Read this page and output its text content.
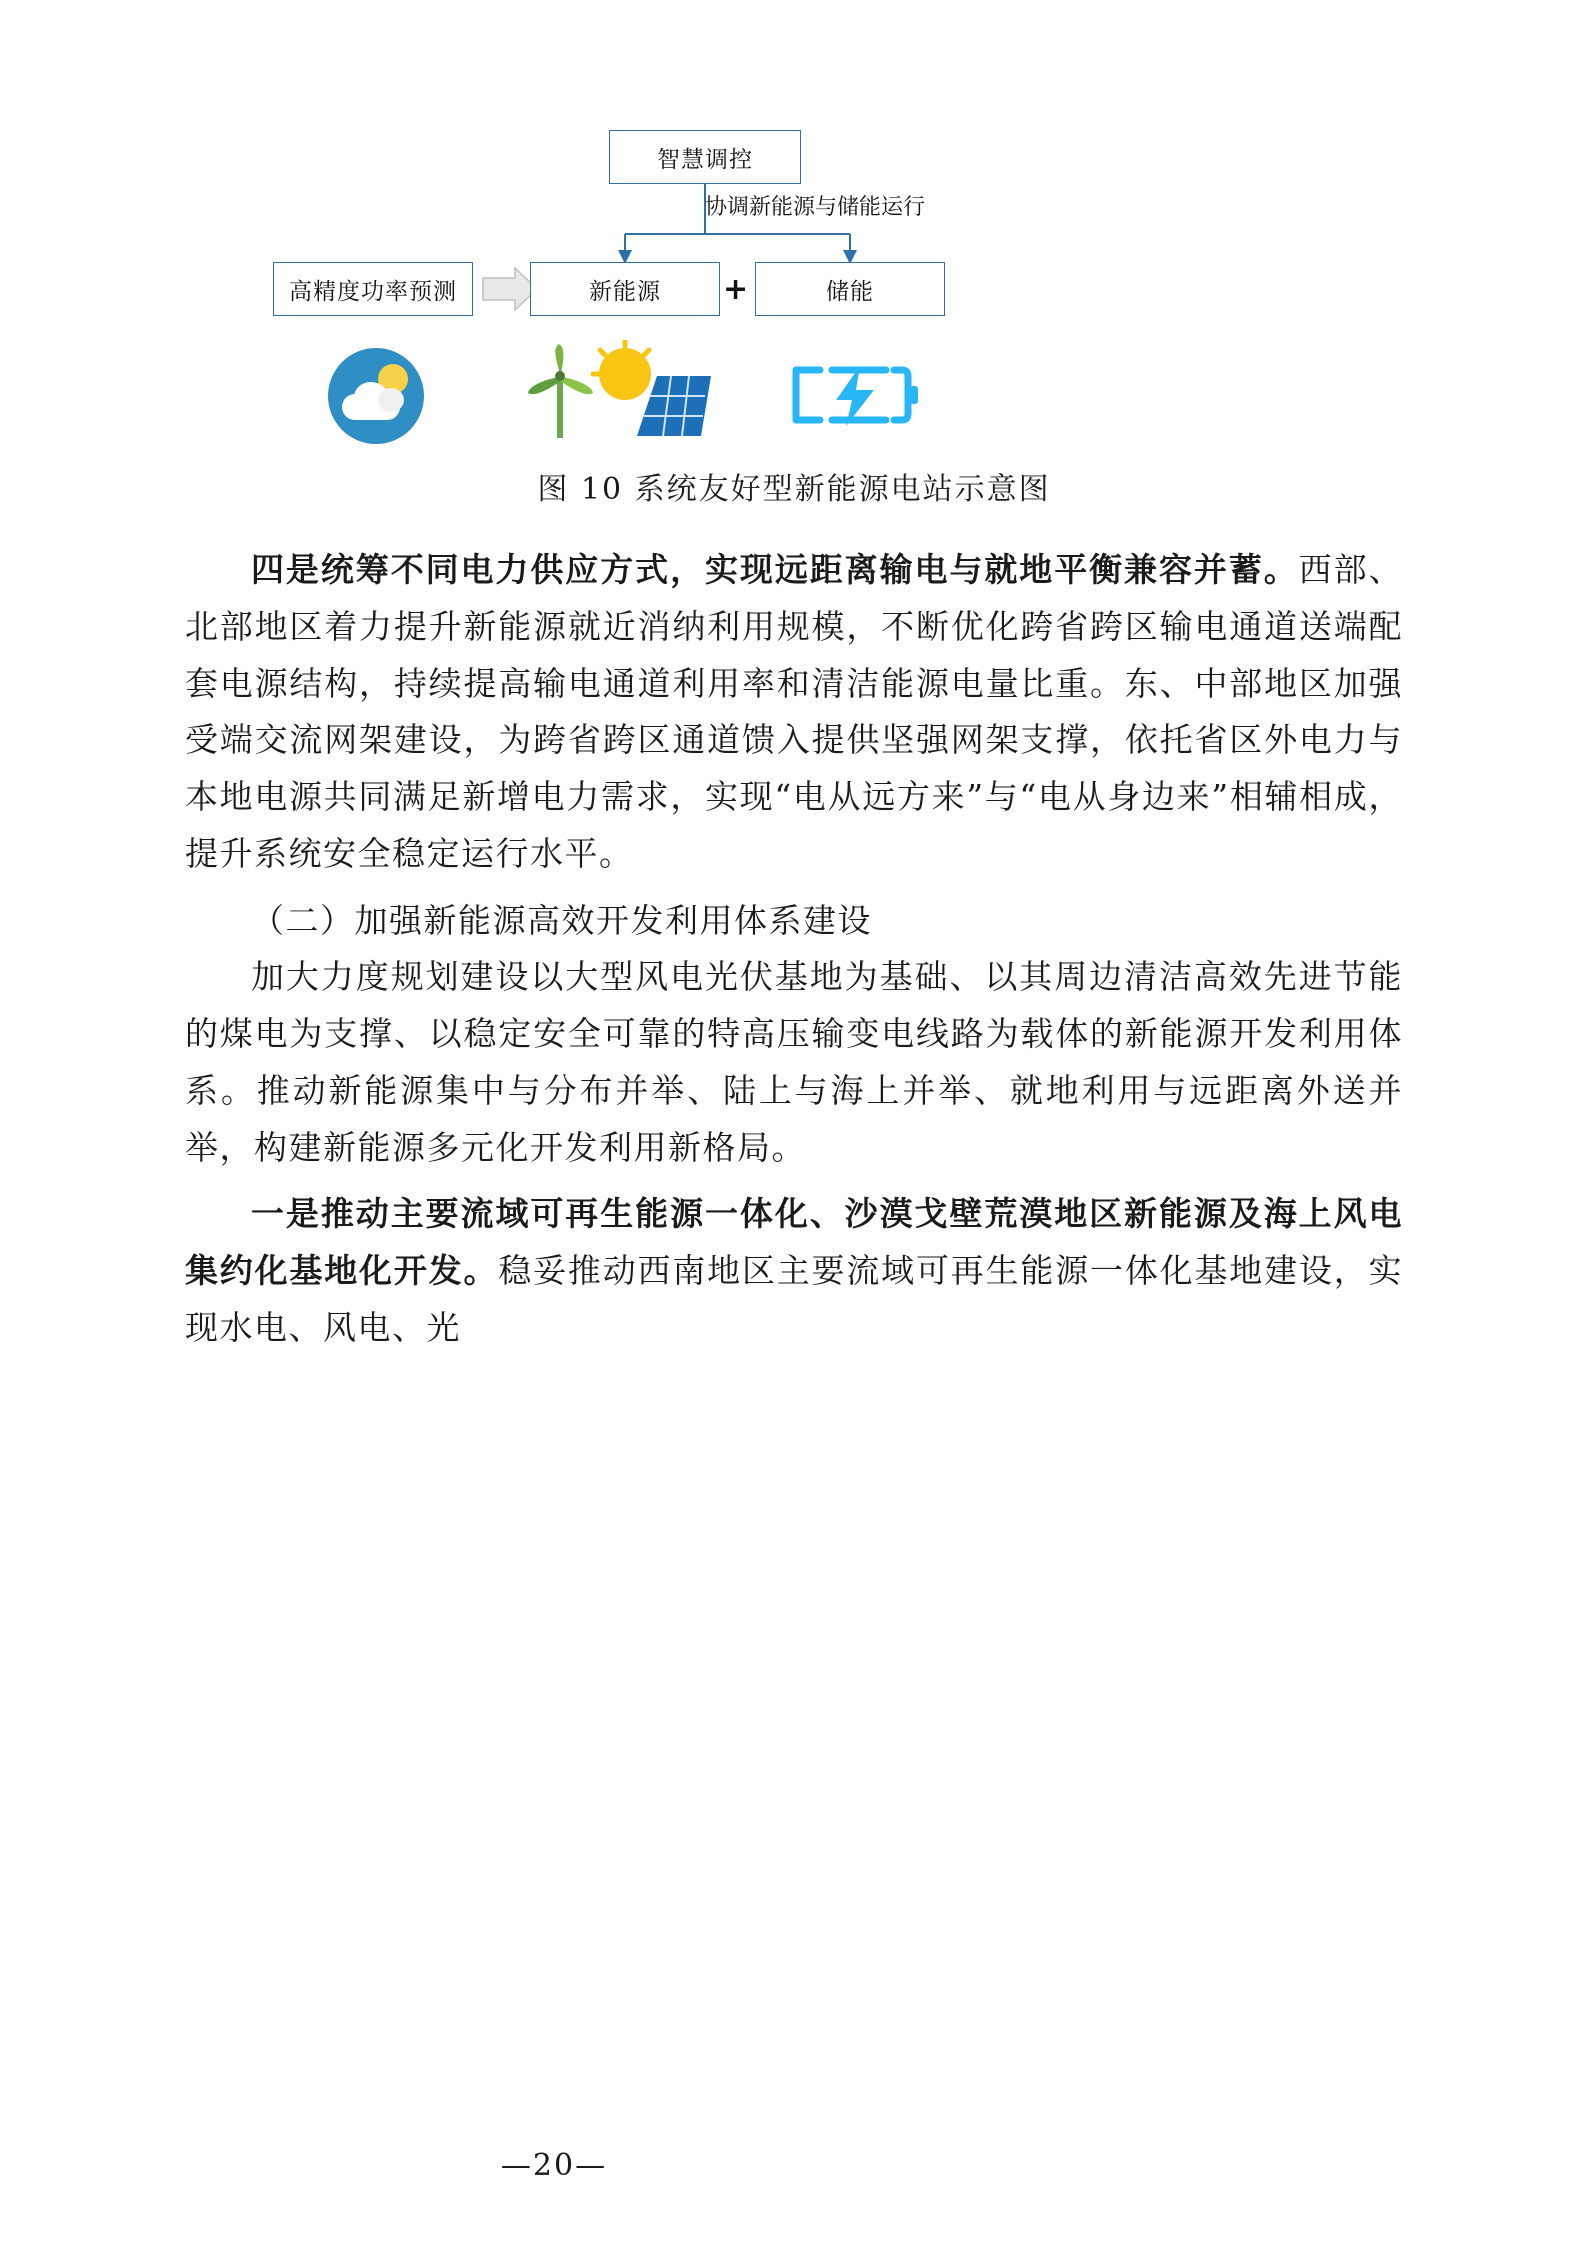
智慧调控
高精度功率预测	新能源	储能
协调新能源与储能运行
+
图 10 系统友好型新能源电站示意图

四是统筹不同电力供应方式，实现远距离输电与就地平衡兼容并蓄。西部、北部地区着力提升新能源就近消纳利用规模，不断优化跨省跨区输电通道送端配套电源结构，持续提高输电通道利用率和清洁能源电量比重。东、中部地区加强受端交流网架建设，为跨省跨区通道馈入提供坚强网架支撑，依托省区外电力与本地电源共同满足新增电力需求，实现“电从远方来”与“电从身边来”相辅相成，提升系统安全稳定运行水平。

（二）加强新能源高效开发利用体系建设

加大力度规划建设以大型风电光伏基地为基础、以其周边清洁高效先进节能的煤电为支撑、以稳定安全可靠的特高压输变电线路为载体的新能源开发利用体系。推动新能源集中与分布并举、陆上与海上并举、就地利用与远距离外送并举，构建新能源多元化开发利用新格局。

一是推动主要流域可再生能源一体化、沙漠戈壁荒漠地区新能源及海上风电集约化基地化开发。稳妥推动西南地区主要流域可再生能源一体化基地建设，实现水电、风电、光

—20—
